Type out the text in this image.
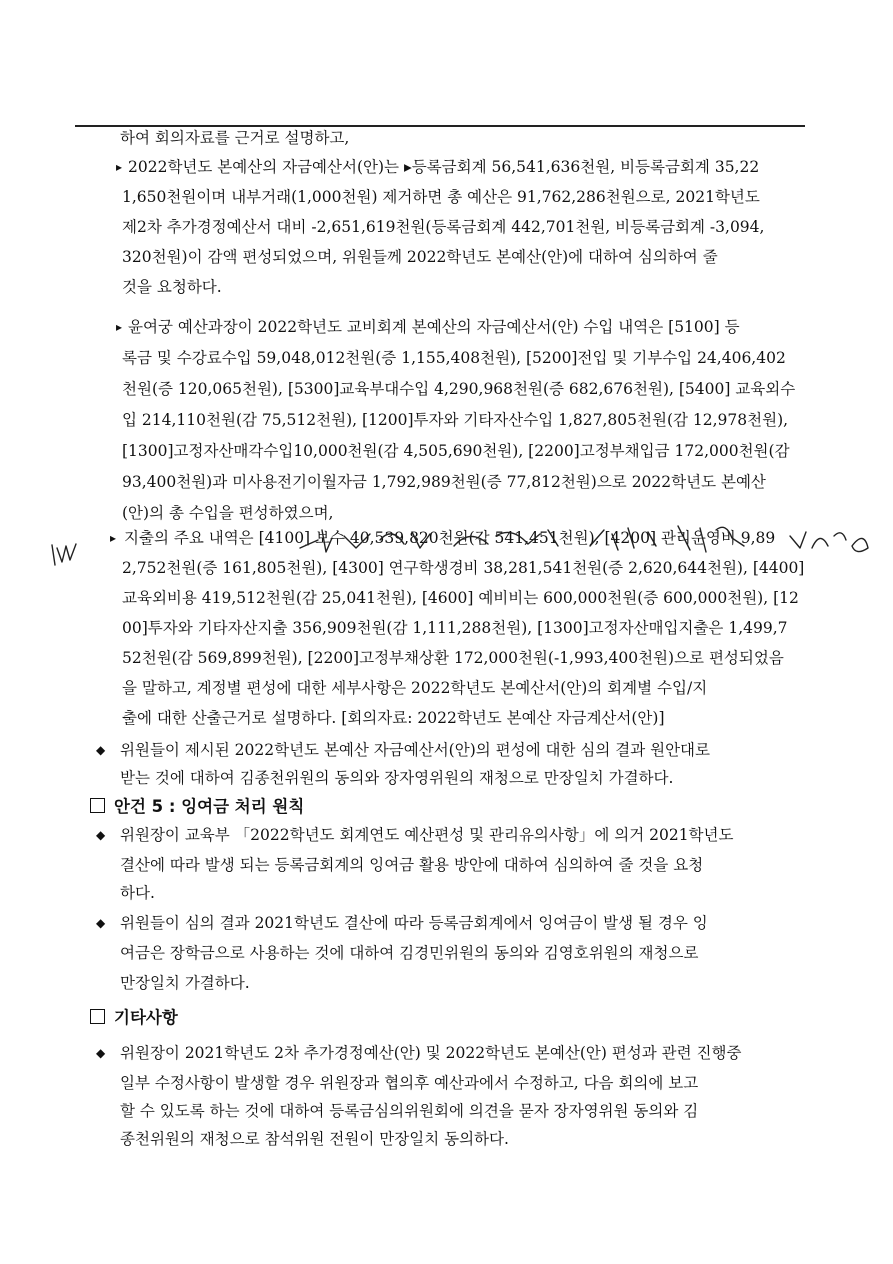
하여 회의자료를 근거로 설명하고,
▸ 2022학년도 본예산의 자금예산서(안)는 ▸등록금회계 56,541,636천원, 비등록금회계 35,22
1,650천원이며 내부거래(1,000천원) 제거하면 총 예산은 91,762,286천원으로, 2021학년도
제2차 추가경정예산서 대비 -2,651,619천원(등록금회계 442,701천원, 비등록금회계 -3,094,
320천원)이 감액 편성되었으며, 위원들께 2022학년도 본예산(안)에 대하여 심의하여 줄
것을 요청하다.
▸ 윤여궁 예산과장이 2022학년도 교비회계 본예산의 자금예산서(안) 수입 내역은 [5100] 등
록금 및 수강료수입 59,048,012천원(증 1,155,408천원), [5200]전입 및 기부수입 24,406,402
천원(증 120,065천원), [5300]교육부대수입 4,290,968천원(증 682,676천원), [5400] 교육외수
입 214,110천원(감 75,512천원), [1200]투자와 기타자산수입 1,827,805천원(감 12,978천원),
[1300]고정자산매각수입10,000천원(감 4,505,690천원), [2200]고정부채입금 172,000천원(감
93,400천원)과 미사용전기이월자금 1,792,989천원(증 77,812천원)으로 2022학년도 본예산
(안)의 총 수입을 편성하였으며,
▸ 지출의 주요 내역은 [4100] 보수 40,539,820천원(감 541,451천원), [4200] 관리운영비 9,89
2,752천원(증 161,805천원), [4300] 연구학생경비 38,281,541천원(증 2,620,644천원), [4400]
교육외비용 419,512천원(감 25,041천원), [4600] 예비비는 600,000천원(증 600,000천원), [12
00]투자와 기타자산지출 356,909천원(감 1,111,288천원), [1300]고정자산매입지출은 1,499,7
52천원(감 569,899천원), [2200]고정부채상환 172,000천원(-1,993,400천원)으로 편성되었음
을 말하고, 계정별 편성에 대한 세부사항은 2022학년도 본예산서(안)의 회계별 수입/지
출에 대한 산출근거로 설명하다. [회의자료: 2022학년도 본예산 자금계산서(안)]
◆ 위원들이 제시된 2022학년도 본예산 자금예산서(안)의 편성에 대한 심의 결과 원안대로
받는 것에 대하여 김종천위원의 동의와 장자영위원의 재청으로 만장일치 가결하다.
안건 5 : 잉여금 처리 원칙
◆ 위원장이 교육부 「2022학년도 회계연도 예산편성 및 관리유의사항」에 의거 2021학년도
결산에 따라 발생 되는 등록금회계의 잉여금 활용 방안에 대하여 심의하여 줄 것을 요청
하다.
◆ 위원들이 심의 결과 2021학년도 결산에 따라 등록금회계에서 잉여금이 발생 될 경우 잉
여금은 장학금으로 사용하는 것에 대하여 김경민위원의 동의와 김영호위원의 재청으로
만장일치 가결하다.
기타사항
◆ 위원장이 2021학년도 2차 추가경정예산(안) 및 2022학년도 본예산(안) 편성과 관련 진행중
일부 수정사항이 발생할 경우 위원장과 협의후 예산과에서 수정하고, 다음 회의에 보고
할 수 있도록 하는 것에 대하여 등록금심의위원회에 의견을 묻자 장자영위원 동의와 김
종천위원의 재청으로 참석위원 전원이 만장일치 동의하다.
